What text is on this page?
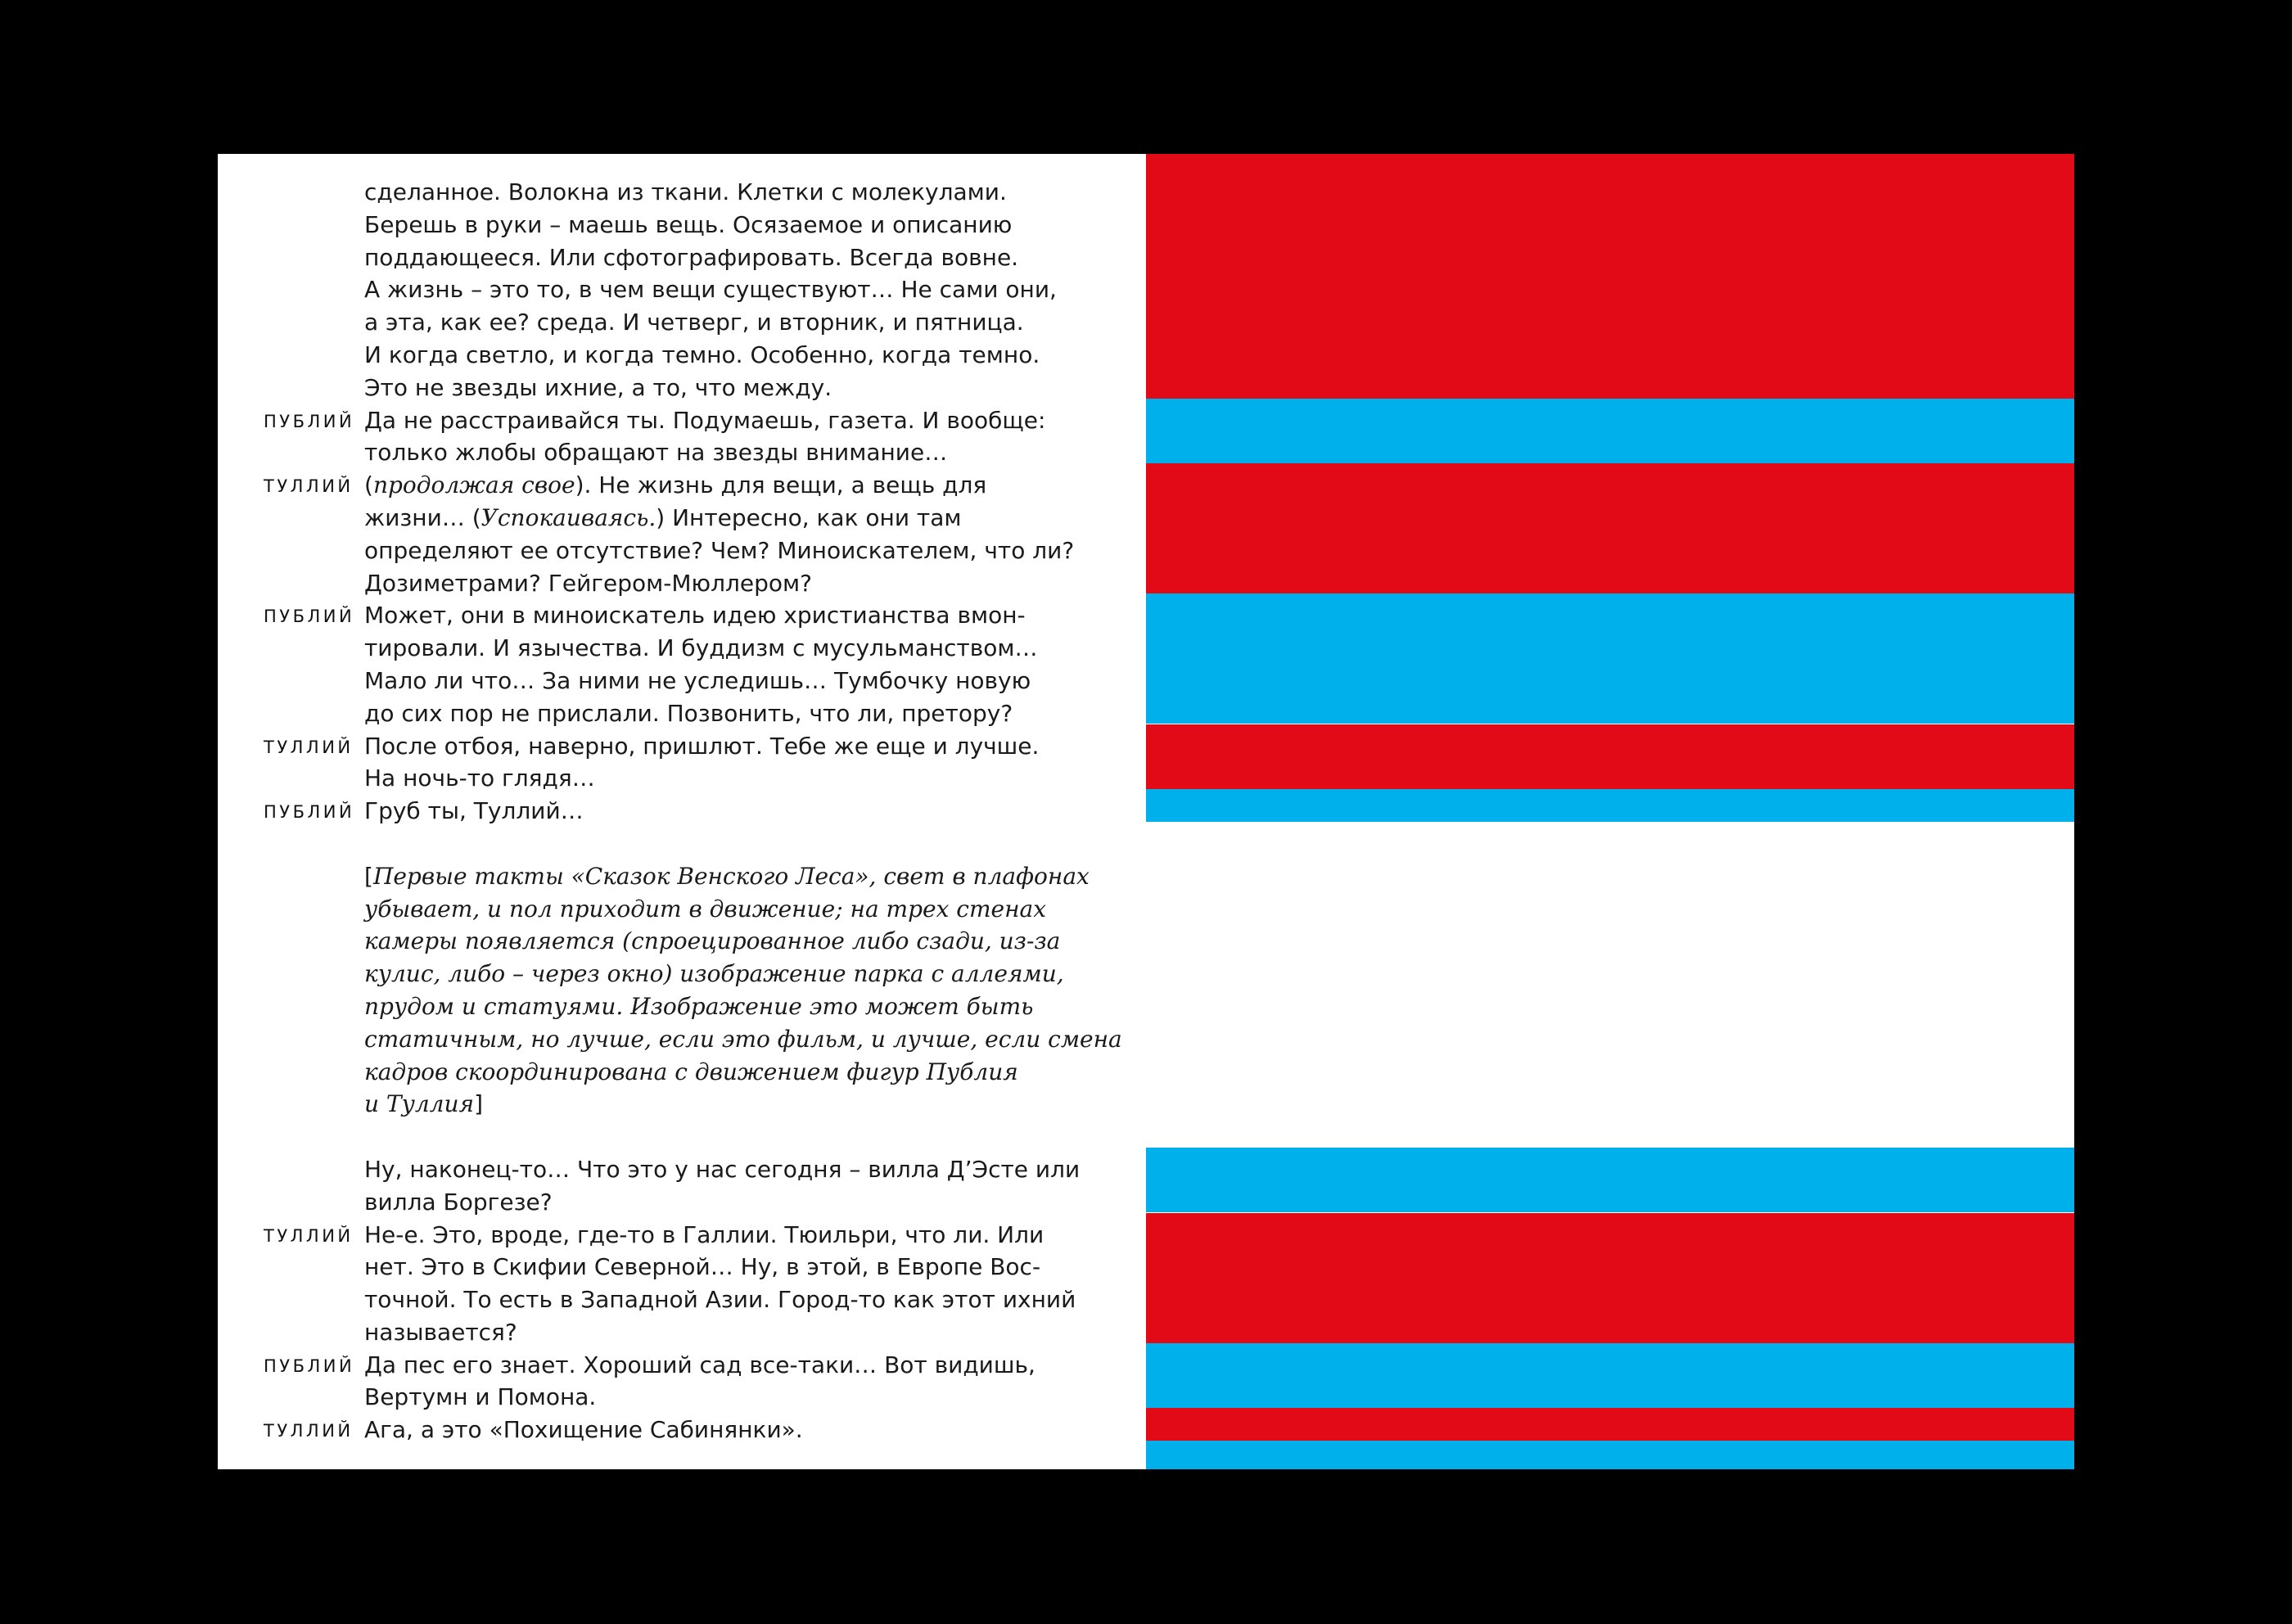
сделанное. Волокна из ткани. Клетки с молекулами.
Берешь в руки – маешь вещь. Осязаемое и описанию
поддающееся. Или сфотографировать. Всегда вовне.
А жизнь – это то, в чем вещи существуют… Не сами они,
а эта, как ее? среда. И четверг, и вторник, и пятница.
И когда светло, и когда темно. Особенно, когда темно.
Это не звезды ихние, а то, что между.
ПУБЛИЙ Да не расстраивайся ты. Подумаешь, газета. И вообще:
только жлобы обращают на звезды внимание…
ТУЛЛИЙ (продолжая свое). Не жизнь для вещи, а вещь для
жизни… (Успокаиваясь.) Интересно, как они там
определяют ее отсутствие? Чем? Миноискателем, что ли?
Дозиметрами? Гейгером-Мюллером?
ПУБЛИЙ Может, они в миноискатель идею христианства вмон-
тировали. И язычества. И буддизм с мусульманством…
Мало ли что… За ними не уследишь… Тумбочку новую
до сих пор не прислали. Позвонить, что ли, претору?
ТУЛЛИЙ После отбоя, наверно, пришлют. Тебе же еще и лучше.
На ночь-то глядя…
ПУБЛИЙ Груб ты, Туллий…
[Первые такты «Сказок Венского Леса», свет в плафонах
убывает, и пол приходит в движение; на трех стенах
камеры появляется (спроецированное либо сзади, из-за
кулис, либо – через окно) изображение парка с аллеями,
прудом и статуями. Изображение это может быть
статичным, но лучше, если это фильм, и лучше, если смена
кадров скоординирована с движением фигур Публия
и Туллия]
Ну, наконец-то… Что это у нас сегодня – вилла Д’Эсте или
вилла Боргезе?
ТУЛЛИЙ Не-е. Это, вроде, где-то в Галлии. Тюильри, что ли. Или
нет. Это в Скифии Северной… Ну, в этой, в Европе Вос-
точной. То есть в Западной Азии. Город-то как этот ихний
называется?
ПУБЛИЙ Да пес его знает. Хороший сад все-таки… Вот видишь,
Вертумн и Помона.
ТУЛЛИЙ Ага, а это «Похищение Сабинянки».
